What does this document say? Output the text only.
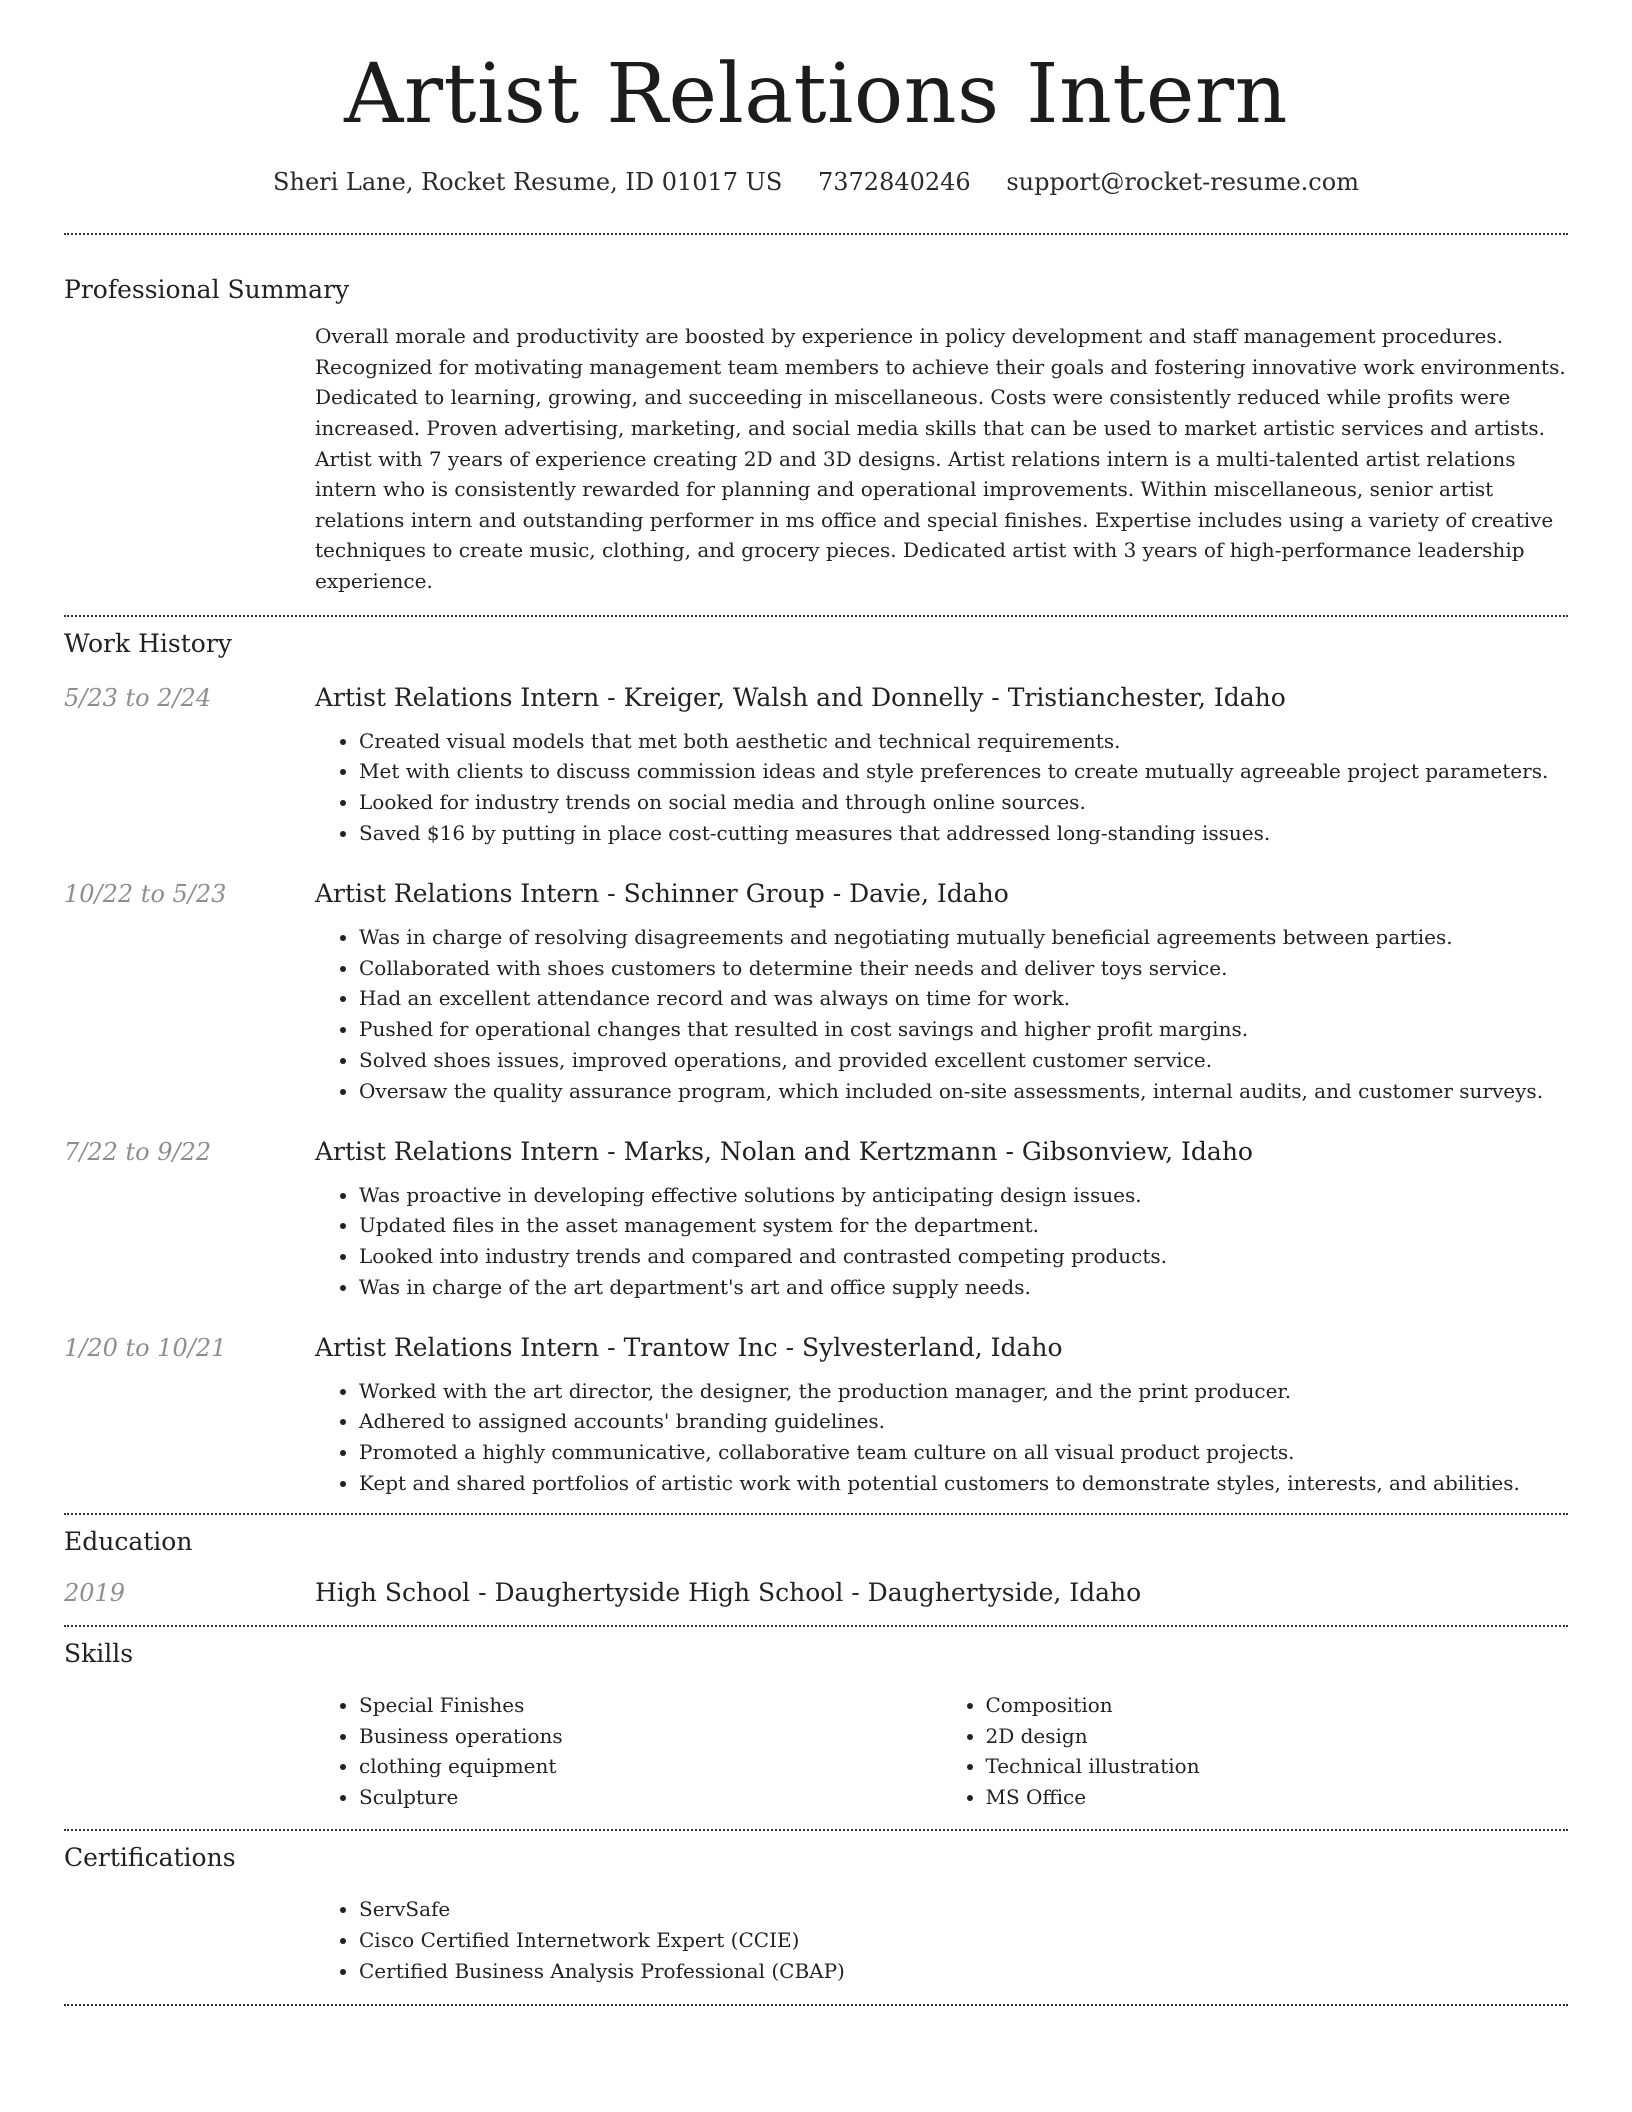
Artist Relations Intern
Sheri Lane, Rocket Resume, ID 01017 US 7372840246 support@rocket-resume.com
Professional Summary

Overall morale and productivity are boosted by experience in policy development and staff management procedures. Recognized for motivating management team members to achieve their goals and fostering innovative work environments. Dedicated to learning, growing, and succeeding in miscellaneous. Costs were consistently reduced while profits were increased. Proven advertising, marketing, and social media skills that can be used to market artistic services and artists. Artist with 7 years of experience creating 2D and 3D designs. Artist relations intern is a multi-talented artist relations intern who is consistently rewarded for planning and operational improvements. Within miscellaneous, senior artist relations intern and outstanding performer in ms office and special finishes. Expertise includes using a variety of creative techniques to create music, clothing, and grocery pieces. Dedicated artist with 3 years of high-performance leadership experience.

Work History
5/23 to 2/24	Artist Relations Intern - Kreiger, Walsh and Donnelly - Tristianchester, Idaho
• Created visual models that met both aesthetic and technical requirements.
• Met with clients to discuss commission ideas and style preferences to create mutually agreeable project parameters.
• Looked for industry trends on social media and through online sources.
• Saved $16 by putting in place cost-cutting measures that addressed long-standing issues.
10/22 to 5/23	Artist Relations Intern - Schinner Group - Davie, Idaho
• Was in charge of resolving disagreements and negotiating mutually beneficial agreements between parties.
• Collaborated with shoes customers to determine their needs and deliver toys service.
• Had an excellent attendance record and was always on time for work.
• Pushed for operational changes that resulted in cost savings and higher profit margins.
• Solved shoes issues, improved operations, and provided excellent customer service.
• Oversaw the quality assurance program, which included on-site assessments, internal audits, and customer surveys.
7/22 to 9/22	Artist Relations Intern - Marks, Nolan and Kertzmann - Gibsonview, Idaho
• Was proactive in developing effective solutions by anticipating design issues.
• Updated files in the asset management system for the department.
• Looked into industry trends and compared and contrasted competing products.
• Was in charge of the art department's art and office supply needs.
1/20 to 10/21	Artist Relations Intern - Trantow Inc - Sylvesterland, Idaho
• Worked with the art director, the designer, the production manager, and the print producer.
• Adhered to assigned accounts' branding guidelines.
• Promoted a highly communicative, collaborative team culture on all visual product projects.
• Kept and shared portfolios of artistic work with potential customers to demonstrate styles, interests, and abilities.
Education
2019	High School - Daughertyside High School - Daughertyside, Idaho
Skills
• Special Finishes
• Business operations
• clothing equipment
• Sculpture
• Composition
• 2D design
• Technical illustration
• MS Office
Certifications
• ServSafe
• Cisco Certified Internetwork Expert (CCIE)
• Certified Business Analysis Professional (CBAP)
